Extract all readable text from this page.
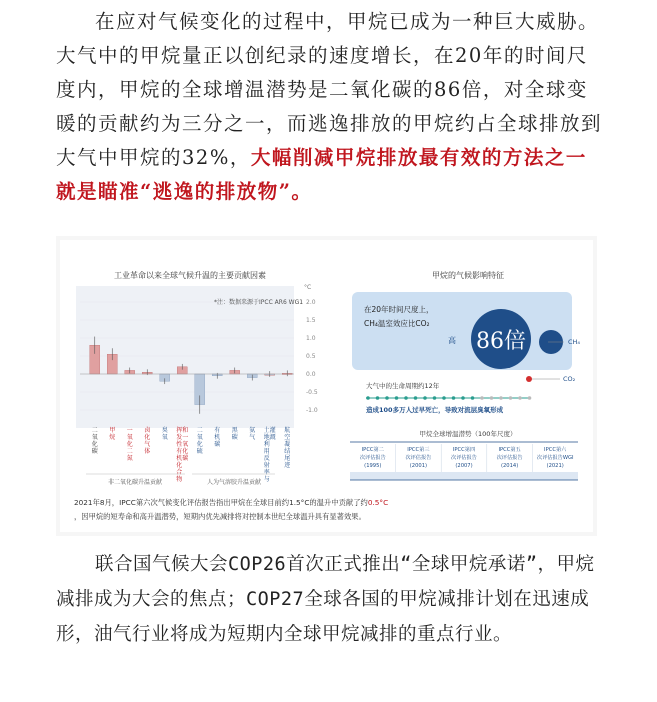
在应对气候变化的过程中，甲烷已成为一种巨大威胁。大气中的甲烷量正以创纪录的速度增长，在20年的时间尺度内，甲烷的全球增温潜势是二氧化碳的86倍，对全球变暖的贡献约为三分之一，而逃逸排放的甲烷约占全球排放到大气中甲烷的32%，大幅削减甲烷排放最有效的方法之一就是瞄准“逃逸的排放物”。
工业革命以来全球气候升温的主要贡献因素
*注：数据来源于IPCC AR6 WG1
°C
2.0
1.5
1.0
0.5
0.0
-0.5
-1.0
二
氧
化
碳
甲
烷
一
氧
化
二
氮
卤
化
气
体
臭
氧
挥
发
性
有
机
化
合
物
和
一
氧
化
碳
二
氧
化
硫
有
机
碳
黑
碳
氨
气
土
地
利
用
反
射
率
与
灌
溉
航
空
凝
结
尾
迹
非二氧化碳升温贡献	人为气溶胶升温贡献
甲烷的气候影响特征
在20年时间尺度上，
CH₄温室效应比CO₂
高 86倍	CH₄
CO₂
大气中的生命周期约12年
造成100多万人过早死亡，导致对流层臭氧形成
甲烷全球增温潜势（100年尺度）
IPCC第二
次评估报告
(1995)
IPCC第三
次评估报告
(2001)
IPCC第四
次评估报告
(2007)
IPCC第五
次评估报告
(2014)
IPCC第六
次评估报告WGI
(2021)
2021年8月，IPCC第六次气候变化评估报告指出甲烷在全球目前约1.5°C的温升中贡献了约0.5°C
，因甲烷的短寿命和高升温潜势，短期内优先减排将对控制本世纪全球温升具有显著效果。
联合国气候大会COP26首次正式推出“全球甲烷承诺”，甲烷减排成为大会的焦点；COP27全球各国的甲烷减排计划在迅速成形，油气行业将成为短期内全球甲烷减排的重点行业。
